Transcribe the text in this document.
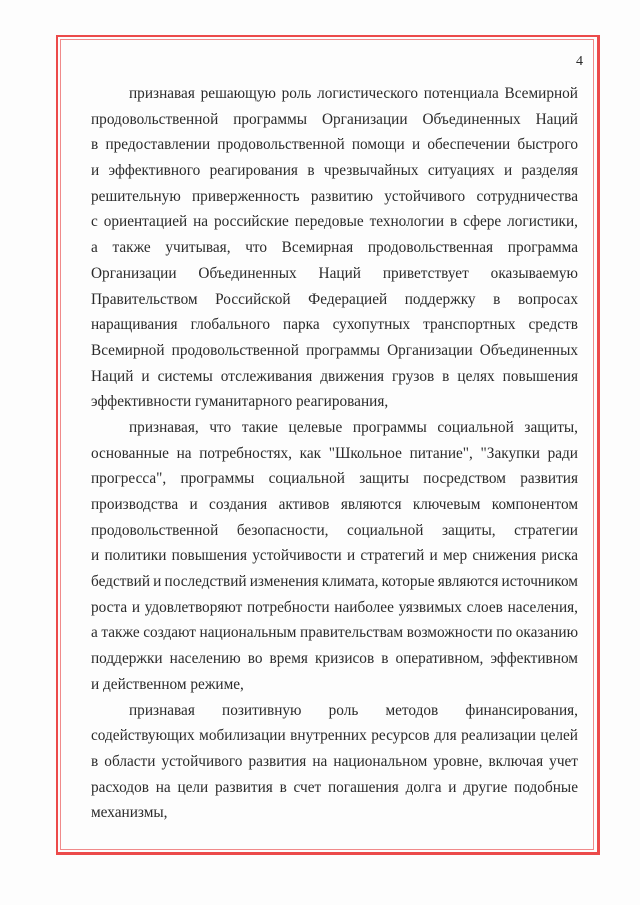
4
признавая решающую роль логистического потенциала Всемирной
продовольственной программы Организации Объединенных Наций
в предоставлении продовольственной помощи и обеспечении быстрого
и эффективного реагирования в чрезвычайных ситуациях и разделяя
решительную приверженность развитию устойчивого сотрудничества
с ориентацией на российские передовые технологии в сфере логистики,
а также учитывая, что Всемирная продовольственная программа
Организации Объединенных Наций приветствует оказываемую
Правительством Российской Федерацией поддержку в вопросах
наращивания глобального парка сухопутных транспортных средств
Всемирной продовольственной программы Организации Объединенных
Наций и системы отслеживания движения грузов в целях повышения
эффективности гуманитарного реагирования,
признавая, что такие целевые программы социальной защиты,
основанные на потребностях, как "Школьное питание", "Закупки ради
прогресса", программы социальной защиты посредством развития
производства и создания активов являются ключевым компонентом
продовольственной безопасности, социальной защиты, стратегии
и политики повышения устойчивости и стратегий и мер снижения риска
бедствий и последствий изменения климата, которые являются источником
роста и удовлетворяют потребности наиболее уязвимых слоев населения,
а также создают национальным правительствам возможности по оказанию
поддержки населению во время кризисов в оперативном, эффективном
и действенном режиме,
признавая позитивную роль методов финансирования,
содействующих мобилизации внутренних ресурсов для реализации целей
в области устойчивого развития на национальном уровне, включая учет
расходов на цели развития в счет погашения долга и другие подобные
механизмы,
